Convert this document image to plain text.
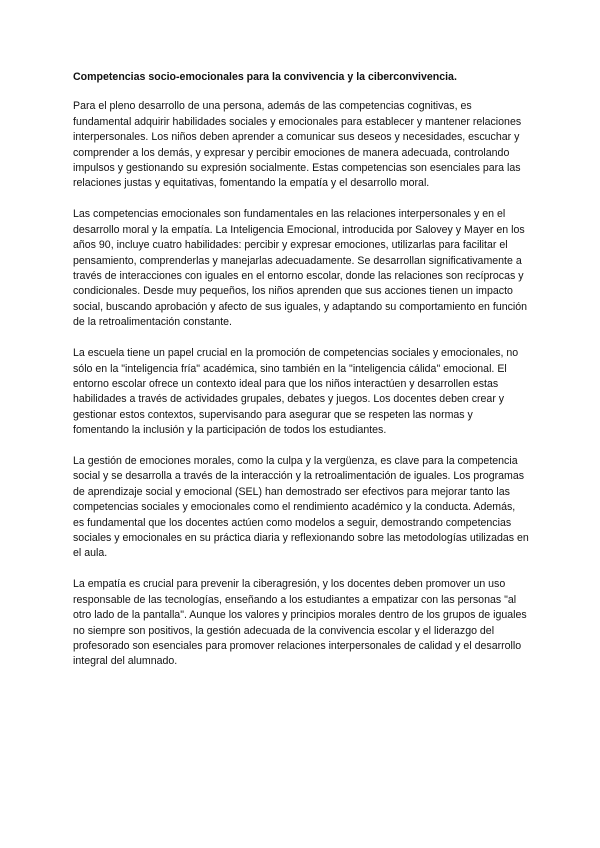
Competencias socio-emocionales para la convivencia y la ciberconvivencia.

Para el pleno desarrollo de una persona, además de las competencias cognitivas, es fundamental adquirir habilidades sociales y emocionales para establecer y mantener relaciones interpersonales. Los niños deben aprender a comunicar sus deseos y necesidades, escuchar y comprender a los demás, y expresar y percibir emociones de manera adecuada, controlando impulsos y gestionando su expresión socialmente. Estas competencias son esenciales para las relaciones justas y equitativas, fomentando la empatía y el desarrollo moral.

Las competencias emocionales son fundamentales en las relaciones interpersonales y en el desarrollo moral y la empatía. La Inteligencia Emocional, introducida por Salovey y Mayer en los años 90, incluye cuatro habilidades: percibir y expresar emociones, utilizarlas para facilitar el pensamiento, comprenderlas y manejarlas adecuadamente. Se desarrollan significativamente a través de interacciones con iguales en el entorno escolar, donde las relaciones son recíprocas y condicionales. Desde muy pequeños, los niños aprenden que sus acciones tienen un impacto social, buscando aprobación y afecto de sus iguales, y adaptando su comportamiento en función de la retroalimentación constante.

La escuela tiene un papel crucial en la promoción de competencias sociales y emocionales, no sólo en la "inteligencia fría" académica, sino también en la "inteligencia cálida" emocional. El entorno escolar ofrece un contexto ideal para que los niños interactúen y desarrollen estas habilidades a través de actividades grupales, debates y juegos. Los docentes deben crear y gestionar estos contextos, supervisando para asegurar que se respeten las normas y fomentando la inclusión y la participación de todos los estudiantes.

La gestión de emociones morales, como la culpa y la vergüenza, es clave para la competencia social y se desarrolla a través de la interacción y la retroalimentación de iguales. Los programas de aprendizaje social y emocional (SEL) han demostrado ser efectivos para mejorar tanto las competencias sociales y emocionales como el rendimiento académico y la conducta. Además, es fundamental que los docentes actúen como modelos a seguir, demostrando competencias sociales y emocionales en su práctica diaria y reflexionando sobre las metodologías utilizadas en el aula.

La empatía es crucial para prevenir la ciberagresión, y los docentes deben promover un uso responsable de las tecnologías, enseñando a los estudiantes a empatizar con las personas "al otro lado de la pantalla". Aunque los valores y principios morales dentro de los grupos de iguales no siempre son positivos, la gestión adecuada de la convivencia escolar y el liderazgo del profesorado son esenciales para promover relaciones interpersonales de calidad y el desarrollo integral del alumnado.
